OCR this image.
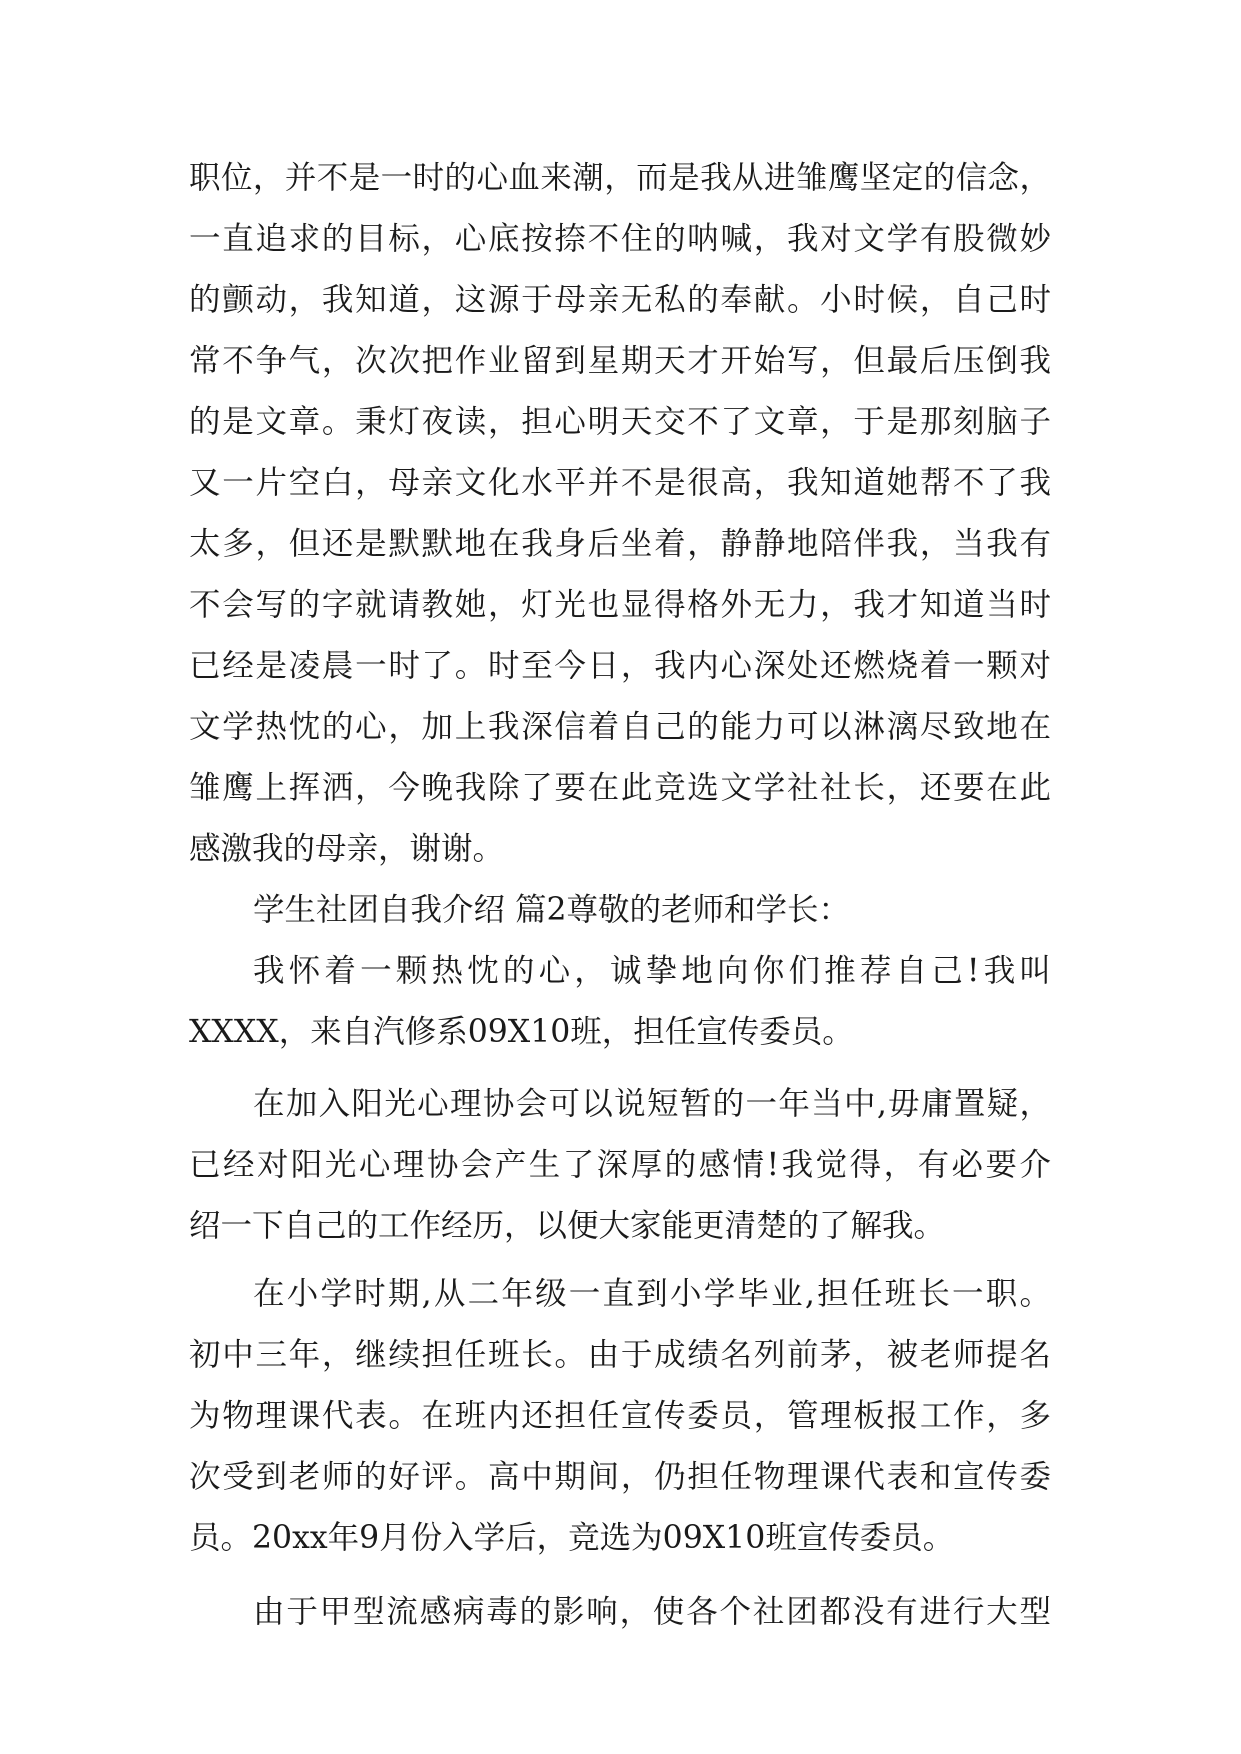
职位，并不是一时的心血来潮，而是我从进雏鹰坚定的信念，
一直追求的目标，心底按捺不住的呐喊，我对文学有股微妙
的颤动，我知道，这源于母亲无私的奉献。小时候，自己时
常不争气，次次把作业留到星期天才开始写，但最后压倒我
的是文章。秉灯夜读，担心明天交不了文章，于是那刻脑子
又一片空白，母亲文化水平并不是很高，我知道她帮不了我
太多，但还是默默地在我身后坐着，静静地陪伴我，当我有
不会写的字就请教她，灯光也显得格外无力，我才知道当时
已经是凌晨一时了。时至今日，我内心深处还燃烧着一颗对
文学热忱的心，加上我深信着自己的能力可以淋漓尽致地在
雏鹰上挥洒，今晚我除了要在此竞选文学社社长，还要在此
感激我的母亲，谢谢。
学生社团自我介绍 篇2尊敬的老师和学长：
我怀着一颗热忱的心，诚挚地向你们推荐自己!我叫
XXXX，来自汽修系09X10班，担任宣传委员。
在加入阳光心理协会可以说短暂的一年当中,毋庸置疑，
已经对阳光心理协会产生了深厚的感情!我觉得，有必要介
绍一下自己的工作经历，以便大家能更清楚的了解我。
在小学时期,从二年级一直到小学毕业,担任班长一职。
初中三年，继续担任班长。由于成绩名列前茅，被老师提名
为物理课代表。在班内还担任宣传委员，管理板报工作，多
次受到老师的好评。高中期间，仍担任物理课代表和宣传委
员。20xx年9月份入学后，竞选为09X10班宣传委员。
由于甲型流感病毒的影响，使各个社团都没有进行大型
